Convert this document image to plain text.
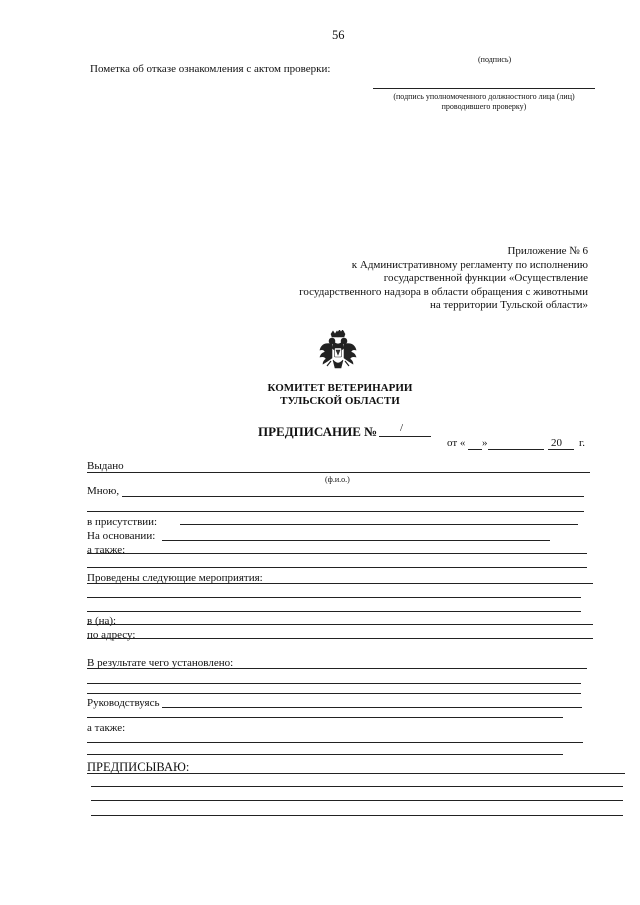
56
(подпись)
Пометка об отказе ознакомления с актом проверки:
(подпись уполномоченного должностного лица (лиц)
проводившего проверку)
Приложение № 6
к Административному регламенту по исполнению
государственной функции «Осуществление
государственного надзора в области обращения с животными
на территории Тульской области»
КОМИТЕТ ВЕТЕРИНАРИИ
ТУЛЬСКОЙ ОБЛАСТИ
ПРЕДПИСАНИЕ № /
от « »	20 г.
Выдано
(ф.и.о.)
Мною,
в присутствии:
На основании:
а также:
Проведены следующие мероприятия:
в (на):
по адресу:
В результате чего установлено:
Руководствуясь
а также:
ПРЕДПИСЫВАЮ:
